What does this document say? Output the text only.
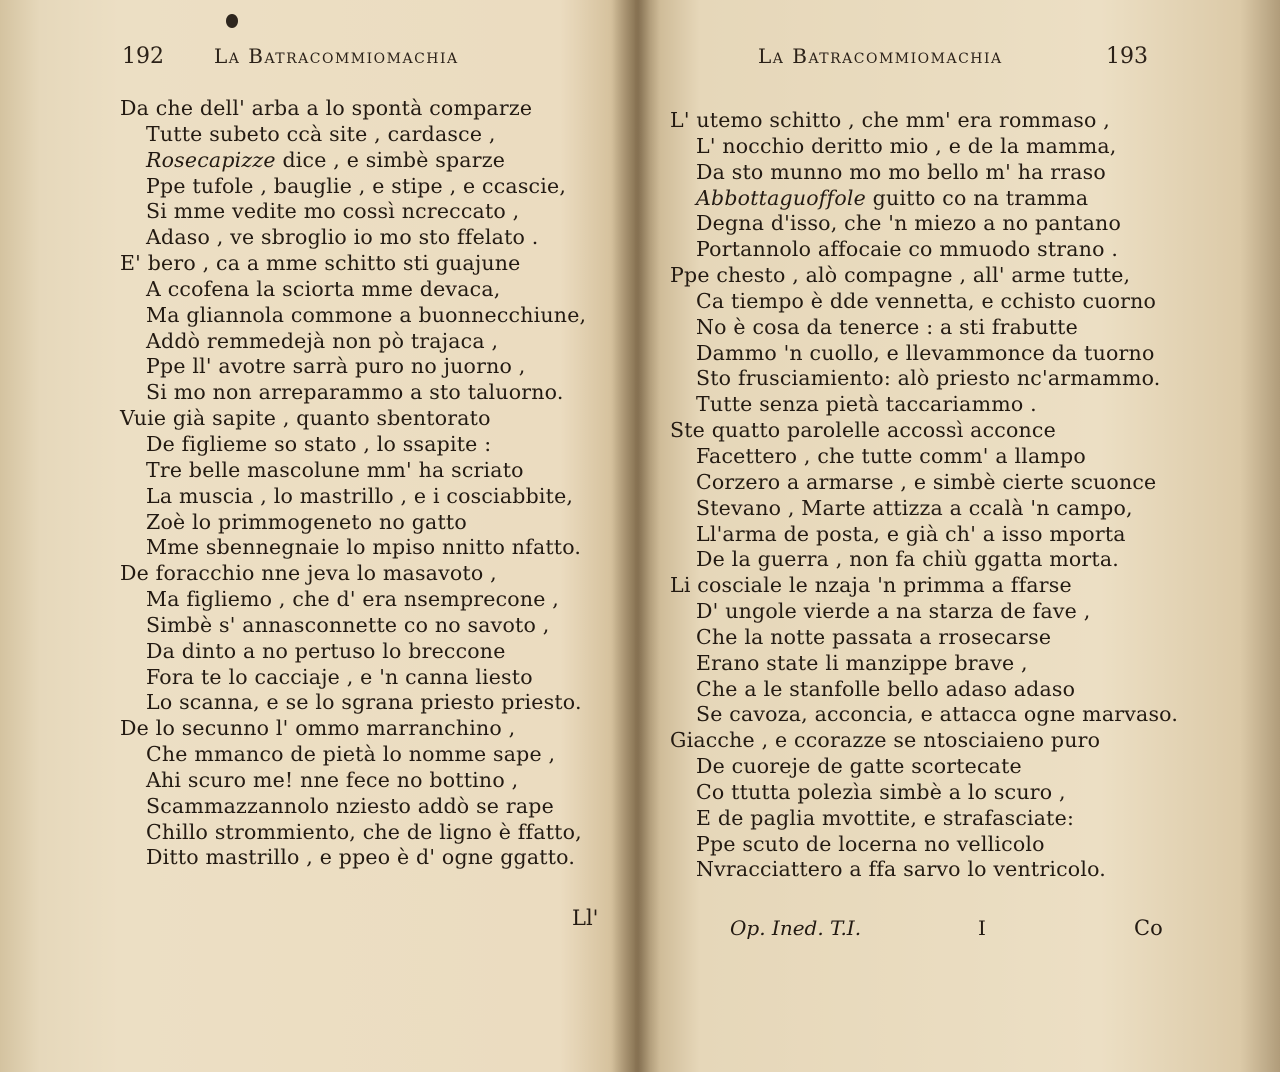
192	La Batracommiomachia
Da che dell' arba a lo spontà comparze
Tutte subeto ccà site , cardasce ,
Rosecapizze dice , e simbè sparze
Ppe tufole , bauglie , e stipe , e ccascie,
Si mme vedite mo cossì ncreccato ,
Adaso , ve sbroglio io mo sto ffelato .
E' bero , ca a mme schitto sti guajune
A ccofena la sciorta mme devaca,
Ma gliannola commone a buonnecchiune,
Addò remmedejà non pò trajaca ,
Ppe ll' avotre sarrà puro no juorno ,
Si mo non arreparammo a sto taluorno.
Vuie già sapite , quanto sbentorato
De figlieme so stato , lo ssapite :
Tre belle mascolune mm' ha scriato
La muscia , lo mastrillo , e i cosciabbite,
Zoè lo primmogeneto no gatto
Mme sbennegnaie lo mpiso nnitto nfatto.
De foracchio nne jeva lo masavoto ,
Ma figliemo , che d' era nsemprecone ,
Simbè s' annasconnette co no savoto ,
Da dinto a no pertuso lo breccone
Fora te lo cacciaje , e 'n canna liesto
Lo scanna, e se lo sgrana priesto priesto.
De lo secunno l' ommo marranchino ,
Che mmanco de pietà lo nomme sape ,
Ahi scuro me! nne fece no bottino ,
Scammazzannolo nziesto addò se rape
Chillo strommiento, che de ligno è ffatto,
Ditto mastrillo , e ppeo è d' ogne ggatto.
Ll'
La Batracommiomachia	193
L' utemo schitto , che mm' era rommaso ,
L' nocchio deritto mio , e de la mamma,
Da sto munno mo mo bello m' ha rraso
Abbottaguoffole guitto co na tramma
Degna d'isso, che 'n miezo a no pantano
Portannolo affocaie co mmuodo strano .
Ppe chesto , alò compagne , all' arme tutte,
Ca tiempo è dde vennetta, e cchisto cuorno
No è cosa da tenerce : a sti frabutte
Dammo 'n cuollo, e llevammonce da tuorno
Sto frusciamiento: alò priesto nc'armammo.
Tutte senza pietà taccariammo .
Ste quatto parolelle accossì acconce
Facettero , che tutte comm' a llampo
Corzero a armarse , e simbè cierte scuonce
Stevano , Marte attizza a ccalà 'n campo,
Ll'arma de posta, e già ch' a isso mporta
De la guerra , non fa chiù ggatta morta.
Li cosciale le nzaja 'n primma a ffarse
D' ungole vierde a na starza de fave ,
Che la notte passata a rrosecarse
Erano state li manzippe brave ,
Che a le stanfolle bello adaso adaso
Se cavoza, acconcia, e attacca ogne marvaso.
Giacche , e ccorazze se ntosciaieno puro
De cuoreje de gatte scortecate
Co ttutta polezìa simbè a lo scuro ,
E de paglia mvottite, e strafasciate:
Ppe scuto de locerna no vellicolo
Nvracciattero a ffa sarvo lo ventricolo.
Op. Ined. T.I.	I	Co
